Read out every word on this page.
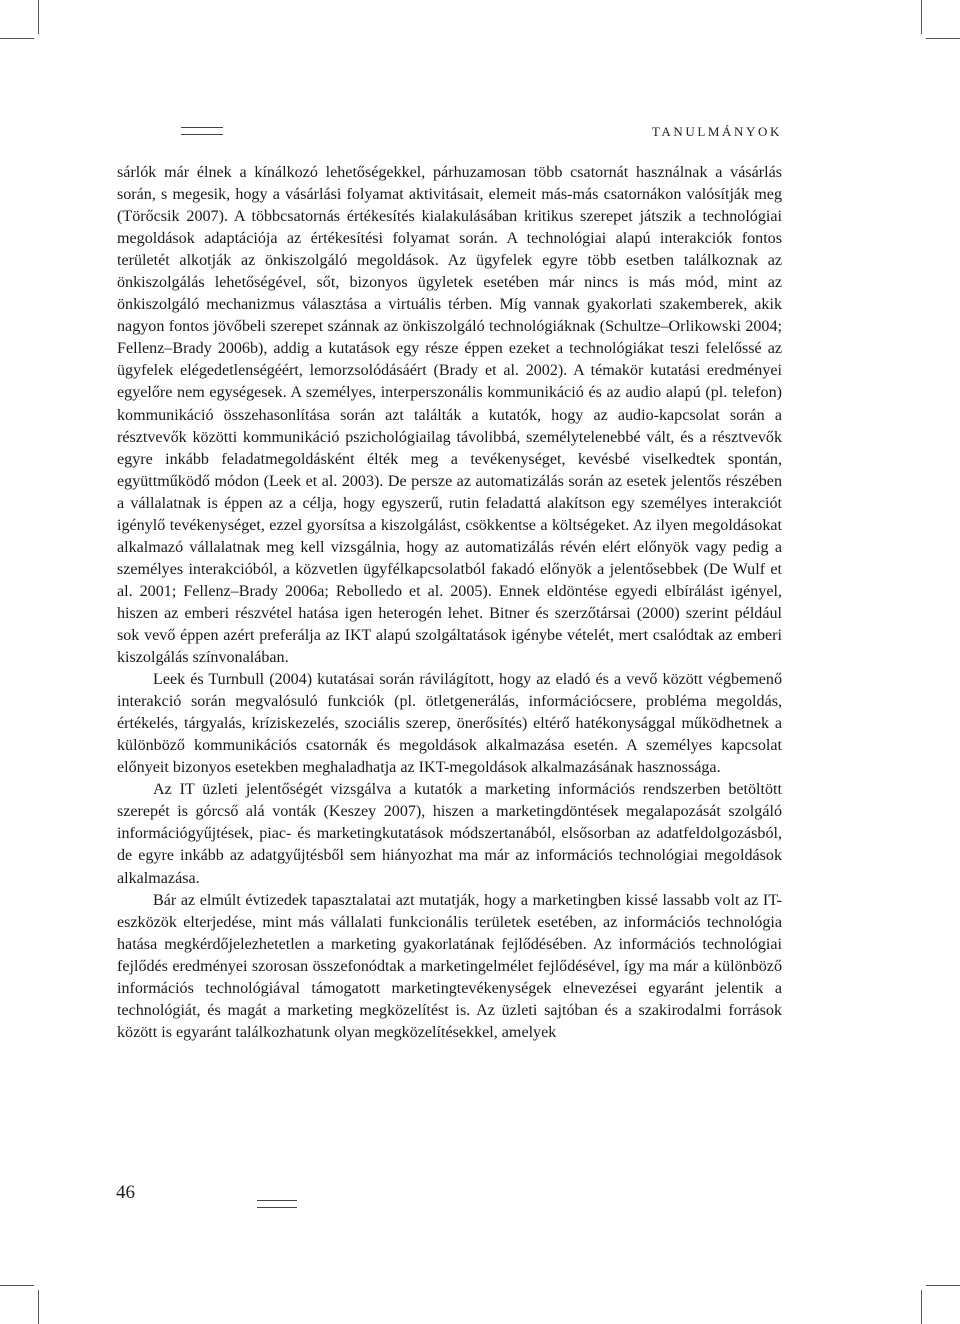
TANULMÁNYOK

sárlók már élnek a kínálkozó lehetőségekkel, párhuzamosan több csatornát használnak a vásárlás során, s megesik, hogy a vásárlási folyamat aktivitásait, elemeit más-más csatornákon valósítják meg (Törőcsik 2007). A többcsatornás értékesítés kialakulásában kritikus szerepet játszik a technológiai megoldások adaptációja az értékesítési folyamat során. A technológiai alapú interakciók fontos területét alkotják az önkiszolgáló megoldások. Az ügyfelek egyre több esetben találkoznak az önkiszolgálás lehetőségével, sőt, bizonyos ügyletek esetében már nincs is más mód, mint az önkiszolgáló mechanizmus választása a virtuális térben. Míg vannak gyakorlati szakemberek, akik nagyon fontos jövőbeli szerepet szánnak az önkiszolgáló technológiáknak (Schultze–Orlikowski 2004; Fellenz–Brady 2006b), addig a kutatások egy része éppen ezeket a technológiákat teszi felelőssé az ügyfelek elégedetlenségéért, lemorzsolódásáért (Brady et al. 2002). A témakör kutatási eredményei egyelőre nem egységesek. A személyes, interperszonális kommunikáció és az audio alapú (pl. telefon) kommunikáció összehasonlítása során azt találták a kutatók, hogy az audio-kapcsolat során a résztvevők közötti kommunikáció pszichológiailag távolibbá, személytelenebbé vált, és a résztvevők egyre inkább feladatmegoldásként élték meg a tevékenységet, kevésbé viselkedtek spontán, együttműködő módon (Leek et al. 2003). De persze az automatizálás során az esetek jelentős részében a vállalatnak is éppen az a célja, hogy egyszerű, rutin feladattá alakítson egy személyes interakciót igénylő tevékenységet, ezzel gyorsítsa a kiszolgálást, csökkentse a költségeket. Az ilyen megoldásokat alkalmazó vállalatnak meg kell vizsgálnia, hogy az automatizálás révén elért előnyök vagy pedig a személyes interakcióból, a közvetlen ügyfélkapcsolatból fakadó előnyök a jelentősebbek (De Wulf et al. 2001; Fellenz–Brady 2006a; Rebolledo et al. 2005). Ennek eldöntése egyedi elbírálást igényel, hiszen az emberi részvétel hatása igen heterogén lehet. Bitner és szerzőtársai (2000) szerint például sok vevő éppen azért preferálja az IKT alapú szolgáltatások igénybe vételét, mert csalódtak az emberi kiszolgálás színvonalában.

Leek és Turnbull (2004) kutatásai során rávilágított, hogy az eladó és a vevő között végbemenő interakció során megvalósuló funkciók (pl. ötletgenerálás, információcsere, probléma megoldás, értékelés, tárgyalás, kríziskezelés, szociális szerep, önerősítés) eltérő hatékonysággal működhetnek a különböző kommunikációs csatornák és megoldások alkalmazása esetén. A személyes kapcsolat előnyeit bizonyos esetekben meghaladhatja az IKT-megoldások alkalmazásának hasznossága.

Az IT üzleti jelentőségét vizsgálva a kutatók a marketing információs rendszerben betöltött szerepét is górcső alá vonták (Keszey 2007), hiszen a marketingdöntések megalapozását szolgáló információgyűjtések, piac- és marketingkutatások módszertanából, elsősorban az adatfeldolgozásból, de egyre inkább az adatgyűjtésből sem hiányozhat ma már az információs technológiai megoldások alkalmazása.

Bár az elmúlt évtizedek tapasztalatai azt mutatják, hogy a marketingben kissé lassabb volt az IT-eszközök elterjedése, mint más vállalati funkcionális területek esetében, az információs technológia hatása megkérdőjelezhetetlen a marketing gyakorlatának fejlődésében. Az információs technológiai fejlődés eredményei szorosan összefonódtak a marketingelmélet fejlődésével, így ma már a különböző információs technológiával támogatott marketingtevékenységek elnevezései egyaránt jelentik a technológiát, és magát a marketing megközelítést is. Az üzleti sajtóban és a szakirodalmi források között is egyaránt találkozhatunk olyan megközelítésekkel, amelyek

46
